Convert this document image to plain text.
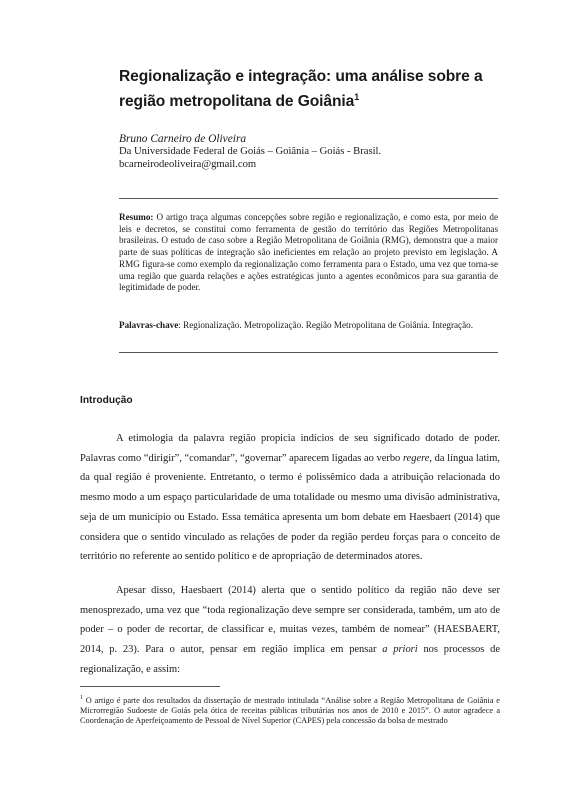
Regionalização e integração: uma análise sobre a região metropolitana de Goiânia$^1$
Bruno Carneiro de Oliveira
Da Universidade Federal de Goiás – Goiânia – Goiás - Brasil.
bcarneirodeoliveira@gmail.com
Resumo: O artigo traça algumas concepções sobre região e regionalização, e como esta, por meio de leis e decretos, se constitui como ferramenta de gestão do território das Regiões Metropolitanas brasileiras. O estudo de caso sobre a Região Metropolitana de Goiânia (RMG), demonstra que a maior parte de suas políticas de integração são ineficientes em relação ao projeto previsto em legislação. A RMG figura-se como exemplo da regionalização como ferramenta para o Estado, uma vez que torna-se uma região que guarda relações e ações estratégicas junto a agentes econômicos para sua garantia de legitimidade de poder.
Palavras-chave: Regionalização. Metropolização. Região Metropolitana de Goiânia. Integração.
Introdução
A etimologia da palavra região propicia indícios de seu significado dotado de poder. Palavras como “dirigir”, “comandar”, “governar” aparecem ligadas ao verbo regere, da língua latim, da qual região é proveniente. Entretanto, o termo é polissêmico dada a atribuição relacionada do mesmo modo a um espaço particularidade de uma totalidade ou mesmo uma divisão administrativa, seja de um município ou Estado. Essa temática apresenta um bom debate em Haesbaert (2014) que considera que o sentido vinculado as relações de poder da região perdeu forças para o conceito de território no referente ao sentido político e de apropriação de determinados atores.
Apesar disso, Haesbaert (2014) alerta que o sentido político da região não deve ser menosprezado, uma vez que “toda regionalização deve sempre ser considerada, também, um ato de poder – o poder de recortar, de classificar e, muitas vezes, também de nomear” (HAESBAERT, 2014, p. 23). Para o autor, pensar em região implica em pensar a priori nos processos de regionalização, e assim:
$^1$ O artigo é parte dos resultados da dissertação de mestrado intitulada “Análise sobre a Região Metropolitana de Goiânia e Microrregião Sudoeste de Goiás pela ótica de receitas públicas tributárias nos anos de 2010 e 2015”. O autor agradece a Coordenação de Aperfeiçoamento de Pessoal de Nível Superior (CAPES) pela concessão da bolsa de mestrado
